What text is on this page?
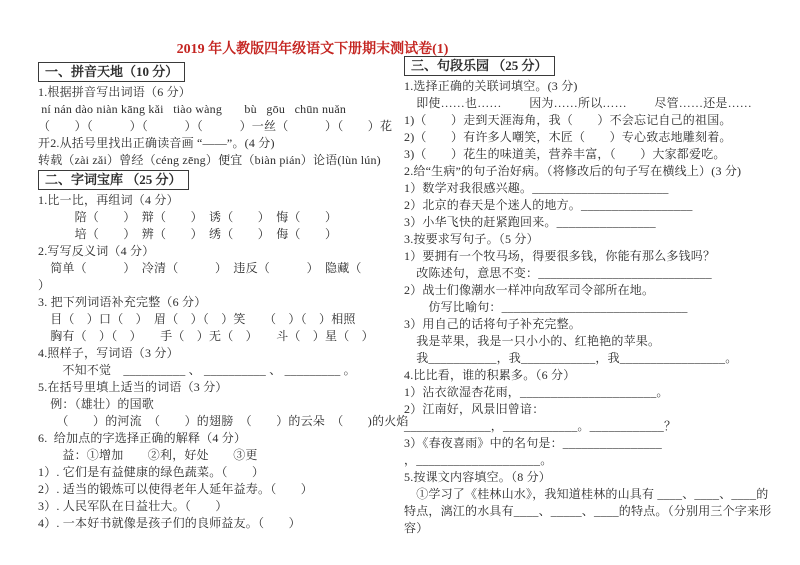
2019 年人教版四年级语文下册期末测试卷(1)
一、拼音天地（10 分）
1.根据拼音写出词语（6 分）
ní nán dào niàn kāng kǎi   tiào wàng       bù   gōu   chūn nuǎn
（　　）（　　　）（　　　）（　　　）一丝（　　　）（　　）花
开2.从括号里找出正确读音画 “——”。(4 分)
转载（zài zǎi）曾经（céng zēng）便宜（biàn pián）论语(lùn lún)
二、字词宝库 （25 分）
1.比一比，再组词（4 分）
　　　陪（　　）　辩（　　）　诱（　　）　悔（　　）
　　　培（　　）　辨（　　）　绣（　　）　侮（　　）
2.写写反义词（4 分）
　简单（　　　）　冷清（　　　）　违反（　　　）　隐藏（
）
3. 把下列词语补充完整（6 分）
　目（　）口（　）　眉（　）（　）笑　　（　）（　）相照
　胸有（　）（　）　　手（　）无（　）　　斗（　）星（　）
4.照样子，写词语（3 分）
　　不知不觉　__________ 、 __________ 、 _________ 。
5.在括号里填上适当的词语（3 分）
　例：（雄壮）的国歌
　　（　　）的河流　（　　）的翅膀　（　　）的云朵　（　　)的火焰
6.  给加点的字选择正确的解释（4 分）
　　益：①增加　　②利，好处　　③更
1）. 它们是有益健康的绿色蔬菜。（　　）
2）. 适当的锻炼可以使得老年人延年益寿。（　　）
3）. 人民军队在日益壮大。（　　）
4）. 一本好书就像是孩子们的良师益友。（　　）
三、句段乐园 （25 分）
1.选择正确的关联词填空。(3 分)
　即使……也……　　 因为……所以……　　 尽管……还是……
1)（　　）走到天涯海角，我（　　）不会忘记自己的祖国。
2)（　　）有许多人嘲笑，木匠（　　）专心致志地雕刻着。
3)（　　）花生的味道美，营养丰富，（　　）大家都爱吃。
2.给“生病”的句子治好病。（将修改后的句子写在横线上）(3 分)
1）数学对我很感兴趣。______________________
2）北京的春天是个迷人的地方。__________________
3）小华飞快的赶紧跑回来。________________
3.按要求写句子。（5 分）
1）要拥有一个牧马场，得要很多钱，你能有那么多钱吗？
　改陈述句，意思不变：____________________________
2）战士们像潮水一样冲向敌军司令部所在地。
　　仿写比喻句：______________________________
3）用自己的话将句子补充完整。
　我是苹果，我是一只小小的、红艳艳的苹果。
　我___________，我____________，我_________________。
4.比比看，谁的积累多。（6 分）
1）沾衣欲湿杏花雨，______________________。
2）江南好，风景旧曾谙：
______________，____________。____________？
3）《春夜喜雨》中的名句是：________________
，____________________。
5.按课文内容填空。（8 分）
　①学习了《桂林山水》，我知道桂林的山具有 ____、____、____的
特点，漓江的水具有____、_____、____的特点。（分别用三个字来形
容）
